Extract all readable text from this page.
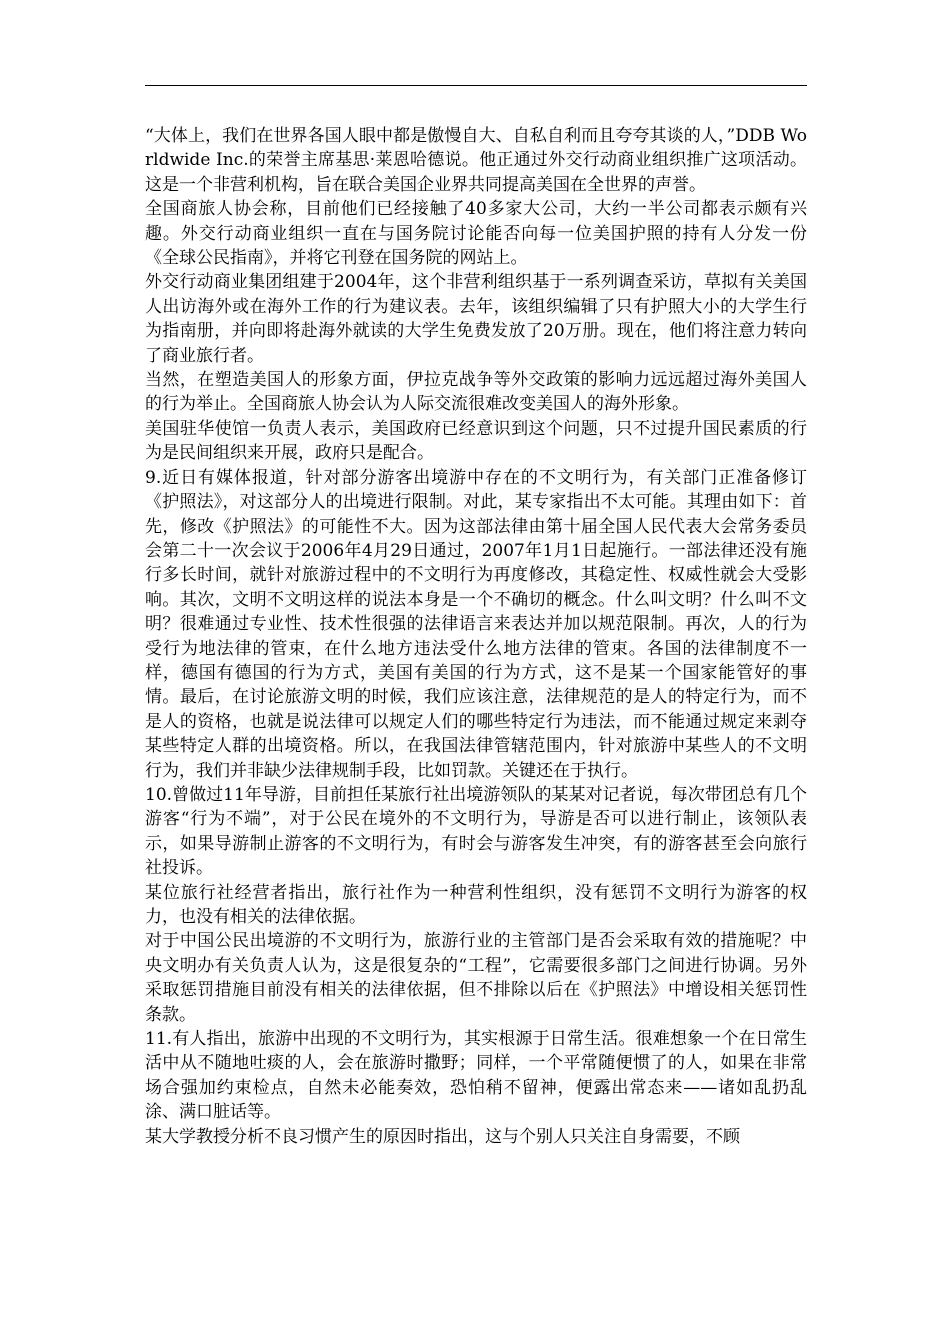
“大体上，我们在世界各国人眼中都是傲慢自大、自私自利而且夸夸其谈的人，”DDB Worldwide Inc.的荣誉主席基思·莱恩哈德说。他正通过外交行动商业组织推广这项活动。这是一个非营利机构，旨在联合美国企业界共同提高美国在全世界的声誉。

全国商旅人协会称，目前他们已经接触了40多家大公司，大约一半公司都表示颇有兴趣。外交行动商业组织一直在与国务院讨论能否向每一位美国护照的持有人分发一份《全球公民指南》，并将它刊登在国务院的网站上。

外交行动商业集团组建于2004年，这个非营利组织基于一系列调查采访，草拟有关美国人出访海外或在海外工作的行为建议表。去年，该组织编辑了只有护照大小的大学生行为指南册，并向即将赴海外就读的大学生免费发放了20万册。现在，他们将注意力转向了商业旅行者。

当然，在塑造美国人的形象方面，伊拉克战争等外交政策的影响力远远超过海外美国人的行为举止。全国商旅人协会认为人际交流很难改变美国人的海外形象。

美国驻华使馆一负责人表示，美国政府已经意识到这个问题，只不过提升国民素质的行为是民间组织来开展，政府只是配合。

9.近日有媒体报道，针对部分游客出境游中存在的不文明行为，有关部门正准备修订《护照法》，对这部分人的出境进行限制。对此，某专家指出不太可能。其理由如下：首先，修改《护照法》的可能性不大。因为这部法律由第十届全国人民代表大会常务委员会第二十一次会议于2006年4月29日通过，2007年1月1日起施行。一部法律还没有施行多长时间，就针对旅游过程中的不文明行为再度修改，其稳定性、权威性就会大受影响。其次，文明不文明这样的说法本身是一个不确切的概念。什么叫文明？什么叫不文明？很难通过专业性、技术性很强的法律语言来表达并加以规范限制。再次，人的行为受行为地法律的管束，在什么地方违法受什么地方法律的管束。各国的法律制度不一样，德国有德国的行为方式，美国有美国的行为方式，这不是某一个国家能管好的事情。最后，在讨论旅游文明的时候，我们应该注意，法律规范的是人的特定行为，而不是人的资格，也就是说法律可以规定人们的哪些特定行为违法，而不能通过规定来剥夺某些特定人群的出境资格。所以，在我国法律管辖范围内，针对旅游中某些人的不文明行为，我们并非缺少法律规制手段，比如罚款。关键还在于执行。

10.曾做过11年导游，目前担任某旅行社出境游领队的某某对记者说，每次带团总有几个游客“行为不端”，对于公民在境外的不文明行为，导游是否可以进行制止，该领队表示，如果导游制止游客的不文明行为，有时会与游客发生冲突，有的游客甚至会向旅行社投诉。

某位旅行社经营者指出，旅行社作为一种营利性组织，没有惩罚不文明行为游客的权力，也没有相关的法律依据。

对于中国公民出境游的不文明行为，旅游行业的主管部门是否会采取有效的措施呢？中央文明办有关负责人认为，这是很复杂的“工程”，它需要很多部门之间进行协调。另外采取惩罚措施目前没有相关的法律依据，但不排除以后在《护照法》中增设相关惩罚性条款。

11.有人指出，旅游中出现的不文明行为，其实根源于日常生活。很难想象一个在日常生活中从不随地吐痰的人，会在旅游时撒野；同样，一个平常随便惯了的人，如果在非常场合强加约束检点，自然未必能奏效，恐怕稍不留神，便露出常态来——诸如乱扔乱涂、满口脏话等。

某大学教授分析不良习惯产生的原因时指出，这与个别人只关注自身需要，不顾
